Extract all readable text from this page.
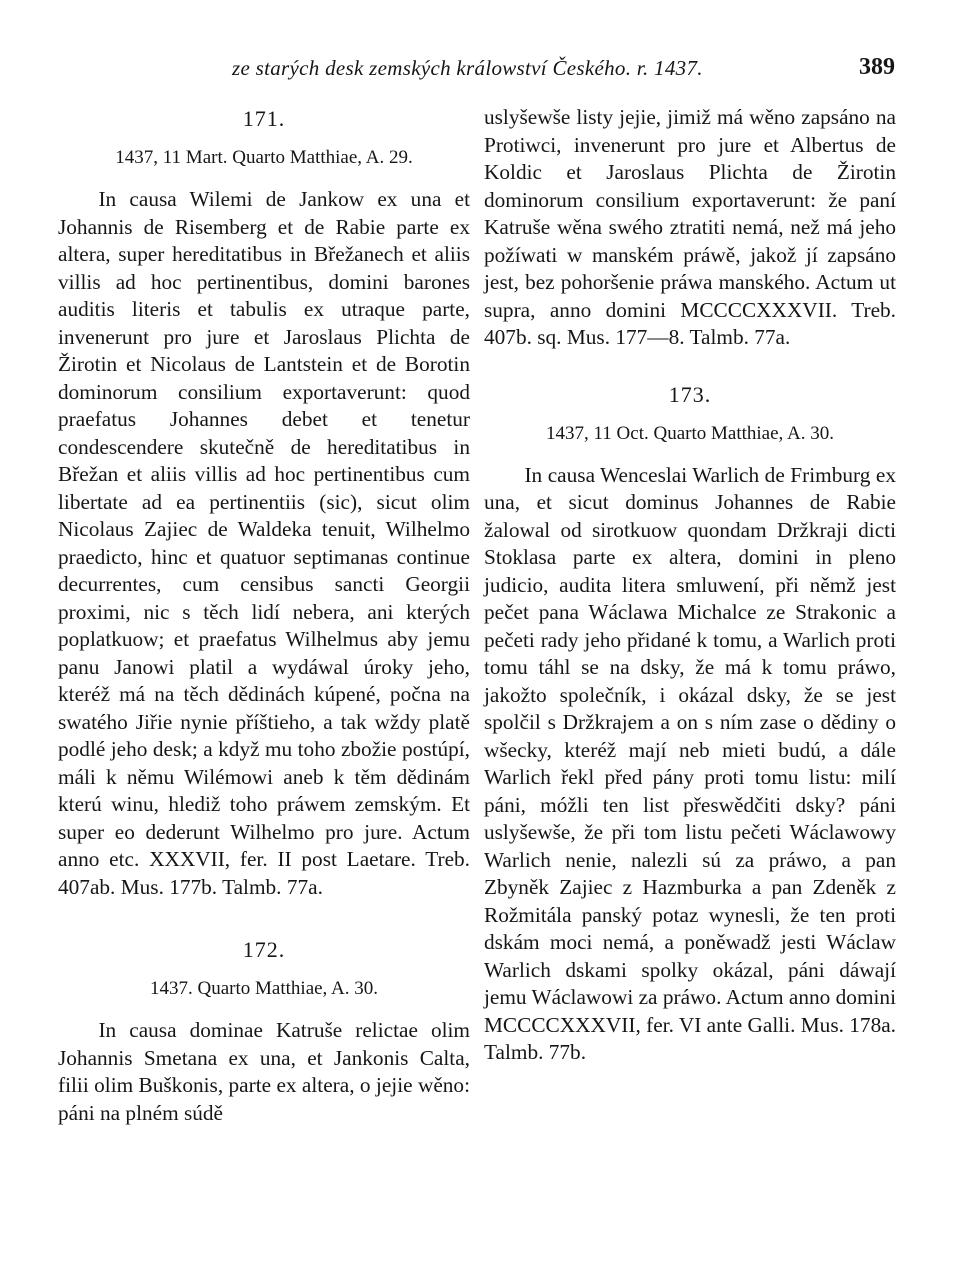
ze starých desk zemských králowství Českého. r. 1437.	389
171.
1437, 11 Mart. Quarto Matthiae, A. 29.

In causa Wilemi de Jankow ex una et Johannis de Risemberg et de Rabie parte ex altera, super hereditatibus in Břežanech et aliis villis ad hoc pertinentibus, domini barones auditis literis et tabulis ex utraque parte, invenerunt pro jure et Jaroslaus Plichta de Žirotin et Nicolaus de Lantstein et de Borotin dominorum consilium exportaverunt: quod praefatus Johannes debet et tenetur condescendere skutečně de hereditatibus in Břežan et aliis villis ad hoc pertinentibus cum libertate ad ea pertinentiis (sic), sicut olim Nicolaus Zajiec de Waldeka tenuit, Wilhelmo praedicto, hinc et quatuor septimanas continue decurrentes, cum censibus sancti Georgii proximi, nic s těch lidí nebera, ani kterých poplatkuow; et praefatus Wilhelmus aby jemu panu Janowi platil a wydáwal úroky jeho, kteréž má na těch dědinách kúpené, počna na swatého Jiřie nynie příštieho, a tak wždy platě podlé jeho desk; a když mu toho zbožie postúpí, máli k němu Wilémowi aneb k těm dědinám kterú winu, hlediž toho práwem zemským. Et super eo dederunt Wilhelmo pro jure. Actum anno etc. XXXVII, fer. II post Laetare. Treb. 407ab. Mus. 177b. Talmb. 77a.

172.
1437. Quarto Matthiae, A. 30.

In causa dominae Katruše relictae olim Johannis Smetana ex una, et Jankonis Calta, filii olim Buškonis, parte ex altera, o jejie wěno: páni na plném súdě

uslyšewše listy jejie, jimiž má wěno zapsáno na Protiwci, invenerunt pro jure et Albertus de Koldic et Jaroslaus Plichta de Žirotin dominorum consilium exportaverunt: že paní Katruše wěna swého ztratiti nemá, než má jeho požíwati w manském práwě, jakož jí zapsáno jest, bez pohoršenie práwa manského. Actum ut supra, anno domini MCCCCXXXVII. Treb. 407b. sq. Mus. 177—8. Talmb. 77a.

173.
1437, 11 Oct. Quarto Matthiae, A. 30.

In causa Wenceslai Warlich de Frimburg ex una, et sicut dominus Johannes de Rabie žalowal od sirotkuow quondam Držkraji dicti Stoklasa parte ex altera, domini in pleno judicio, audita litera smluwení, při němž jest pečet pana Wáclawa Michalce ze Strakonic a pečeti rady jeho přidané k tomu, a Warlich proti tomu táhl se na dsky, že má k tomu práwo, jakožto společník, i okázal dsky, že se jest spolčil s Držkrajem a on s ním zase o dědiny o wšecky, kteréž mají neb mieti budú, a dále Warlich řekl před pány proti tomu listu: milí páni, móžli ten list přeswědčiti dsky? páni uslyšewše, že při tom listu pečeti Wáclawowy Warlich nenie, nalezli sú za práwo, a pan Zbyněk Zajiec z Hazmburka a pan Zdeněk z Rožmitála panský potaz wynesli, že ten proti dskám moci nemá, a poněwadž jesti Wáclaw Warlich dskami spolky okázal, páni dáwají jemu Wáclawowi za práwo. Actum anno domini MCCCCXXXVII, fer. VI ante Galli. Mus. 178a. Talmb. 77b.
